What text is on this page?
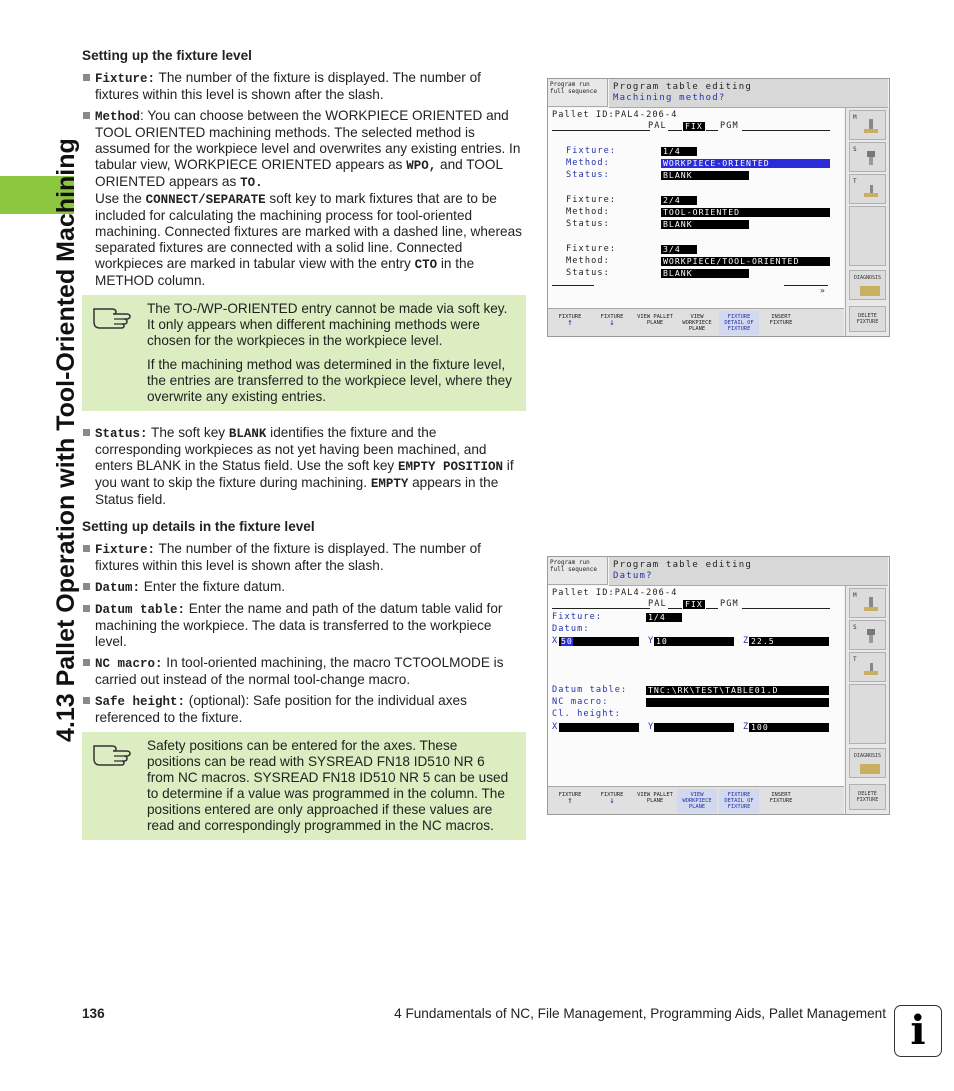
4.13 Pallet Operation with Tool-Oriented Machining
Setting up the fixture level
Fixture: The number of the fixture is displayed. The number of fixtures within this level is shown after the slash.
Method: You can choose between the WORKPIECE ORIENTED and TOOL ORIENTED machining methods. The selected method is assumed for the workpiece level and overwrites any existing entries. In tabular view, WORKPIECE ORIENTED appears as WPO, and TOOL ORIENTED appears as TO.
Use the CONNECT/SEPARATE soft key to mark fixtures that are to be included for calculating the machining process for tool-oriented machining. Connected fixtures are marked with a dashed line, whereas separated fixtures are connected with a solid line. Connected workpieces are marked in tabular view with the entry CTO in the METHOD column.

The TO-/WP-ORIENTED entry cannot be made via soft key. It only appears when different machining methods were chosen for the workpieces in the workpiece level.

If the machining method was determined in the fixture level, the entries are transferred to the workpiece level, where they overwrite any existing entries.

Status: The soft key BLANK identifies the fixture and the corresponding workpieces as not yet having been machined, and enters BLANK in the Status field. Use the soft key EMPTY POSITION if you want to skip the fixture during machining. EMPTY appears in the Status field.
Setting up details in the fixture level
Fixture: The number of the fixture is displayed. The number of fixtures within this level is shown after the slash.
Datum: Enter the fixture datum.
Datum table: Enter the name and path of the datum table valid for machining the workpiece. The data is transferred to the workpiece level.
NC macro: In tool-oriented machining, the macro TCTOOLMODE is carried out instead of the normal tool-change macro.
Safe height: (optional): Safe position for the individual axes referenced to the fixture.

Safety positions can be entered for the axes. These positions can be read with SYSREAD FN18 ID510 NR 6 from NC macros. SYSREAD FN18 ID510 NR 5 can be used to determine if a value was programmed in the column. The positions entered are only approached if these values are read and correspondingly programmed in the NC macros.

Program run
full sequence	Program table editing
Machining method?
Pallet ID:PAL4-206-4
PAL FIX PGM
Fixture:	1/4
Method:	WORKPIECE-ORIENTED
Status:	BLANK
Fixture:	2/4
Method:	TOOL-ORIENTED
Status:	BLANK
Fixture:	3/4
Method:	WORKPIECE/TOOL-ORIENTED
Status:	BLANK
»
M
S
T
DIAGNOSIS
DELETE FIXTURE
FIXTURE
↑
FIXTURE
↓
VIEW PALLET PLANE
VIEW WORKPIECE PLANE
FIXTURE DETAIL OF FIXTURE
INSERT FIXTURE
Program run
full sequence	Program table editing
Datum?
Pallet ID:PAL4-206-4
PAL FIX PGM
Fixture:	1/4
Datum:
X 50	Y 10	Z 22.5
Datum table:	TNC:\RK\TEST\TABLE01.D
NC macro:
Cl. height:
X	Y	Z 100
M
S
T
DIAGNOSIS
DELETE FIXTURE
FIXTURE
↑
FIXTURE
↓
VIEW PALLET PLANE
VIEW WORKPIECE PLANE
FIXTURE DETAIL OF FIXTURE
INSERT FIXTURE
136	4 Fundamentals of NC, File Management, Programming Aids, Pallet Management i
